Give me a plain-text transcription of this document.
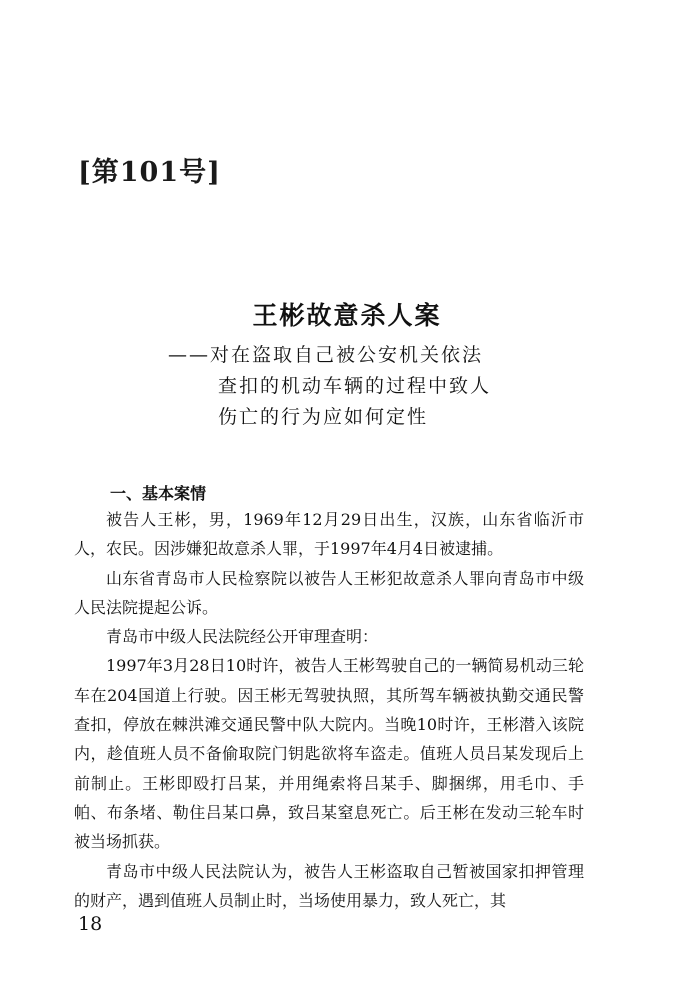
[第101号]
王彬故意杀人案
——对在盗取自己被公安机关依法
查扣的机动车辆的过程中致人
伤亡的行为应如何定性
一、基本案情

被告人王彬，男，1969年12月29日出生，汉族，山东省临沂市人，农民。因涉嫌犯故意杀人罪，于1997年4月4日被逮捕。

山东省青岛市人民检察院以被告人王彬犯故意杀人罪向青岛市中级人民法院提起公诉。

青岛市中级人民法院经公开审理查明：

1997年3月28日10时许，被告人王彬驾驶自己的一辆简易机动三轮车在204国道上行驶。因王彬无驾驶执照，其所驾车辆被执勤交通民警查扣，停放在棘洪滩交通民警中队大院内。当晚10时许，王彬潜入该院内，趁值班人员不备偷取院门钥匙欲将车盗走。值班人员吕某发现后上前制止。王彬即殴打吕某，并用绳索将吕某手、脚捆绑，用毛巾、手帕、布条堵、勒住吕某口鼻，致吕某窒息死亡。后王彬在发动三轮车时被当场抓获。

青岛市中级人民法院认为，被告人王彬盗取自己暂被国家扣押管理的财产，遇到值班人员制止时，当场使用暴力，致人死亡，其

18
